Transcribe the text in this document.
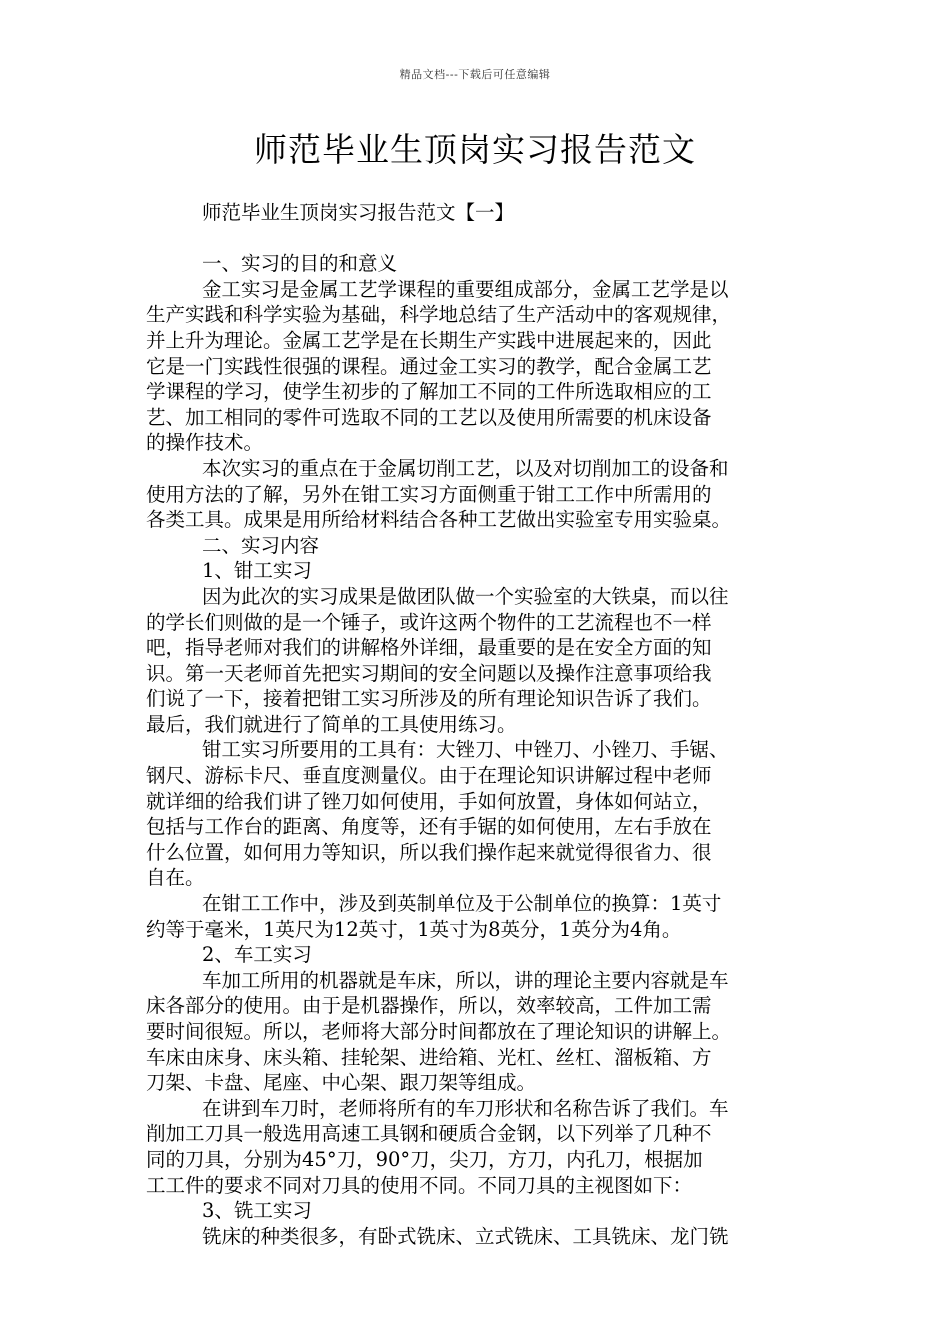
精品文档---下载后可任意编辑
师范毕业生顶岗实习报告范文
师范毕业生顶岗实习报告范文【一】
一、实习的目的和意义
金工实习是金属工艺学课程的重要组成部分，金属工艺学是以
生产实践和科学实验为基础，科学地总结了生产活动中的客观规律，
并上升为理论。金属工艺学是在长期生产实践中进展起来的，因此
它是一门实践性很强的课程。通过金工实习的教学，配合金属工艺
学课程的学习，使学生初步的了解加工不同的工件所选取相应的工
艺、加工相同的零件可选取不同的工艺以及使用所需要的机床设备
的操作技术。
本次实习的重点在于金属切削工艺，以及对切削加工的设备和
使用方法的了解，另外在钳工实习方面侧重于钳工工作中所需用的
各类工具。成果是用所给材料结合各种工艺做出实验室专用实验桌。
二、实习内容
1、钳工实习
因为此次的实习成果是做团队做一个实验室的大铁桌，而以往
的学长们则做的是一个锤子，或许这两个物件的工艺流程也不一样
吧，指导老师对我们的讲解格外详细，最重要的是在安全方面的知
识。第一天老师首先把实习期间的安全问题以及操作注意事项给我
们说了一下，接着把钳工实习所涉及的所有理论知识告诉了我们。
最后，我们就进行了简单的工具使用练习。
钳工实习所要用的工具有：大锉刀、中锉刀、小锉刀、手锯、
钢尺、游标卡尺、垂直度测量仪。由于在理论知识讲解过程中老师
就详细的给我们讲了锉刀如何使用，手如何放置，身体如何站立，
包括与工作台的距离、角度等，还有手锯的如何使用，左右手放在
什么位置，如何用力等知识，所以我们操作起来就觉得很省力、很
自在。
在钳工工作中，涉及到英制单位及于公制单位的换算：1英寸
约等于毫米，1英尺为12英寸，1英寸为8英分，1英分为4角。
2、车工实习
车加工所用的机器就是车床，所以，讲的理论主要内容就是车
床各部分的使用。由于是机器操作，所以，效率较高，工件加工需
要时间很短。所以，老师将大部分时间都放在了理论知识的讲解上。
车床由床身、床头箱、挂轮架、进给箱、光杠、丝杠、溜板箱、方
刀架、卡盘、尾座、中心架、跟刀架等组成。
在讲到车刀时，老师将所有的车刀形状和名称告诉了我们。车
削加工刀具一般选用高速工具钢和硬质合金钢，以下列举了几种不
同的刀具，分别为45°刀，90°刀，尖刀，方刀，内孔刀，根据加
工工件的要求不同对刀具的使用不同。不同刀具的主视图如下：
3、铣工实习
铣床的种类很多，有卧式铣床、立式铣床、工具铣床、龙门铣
